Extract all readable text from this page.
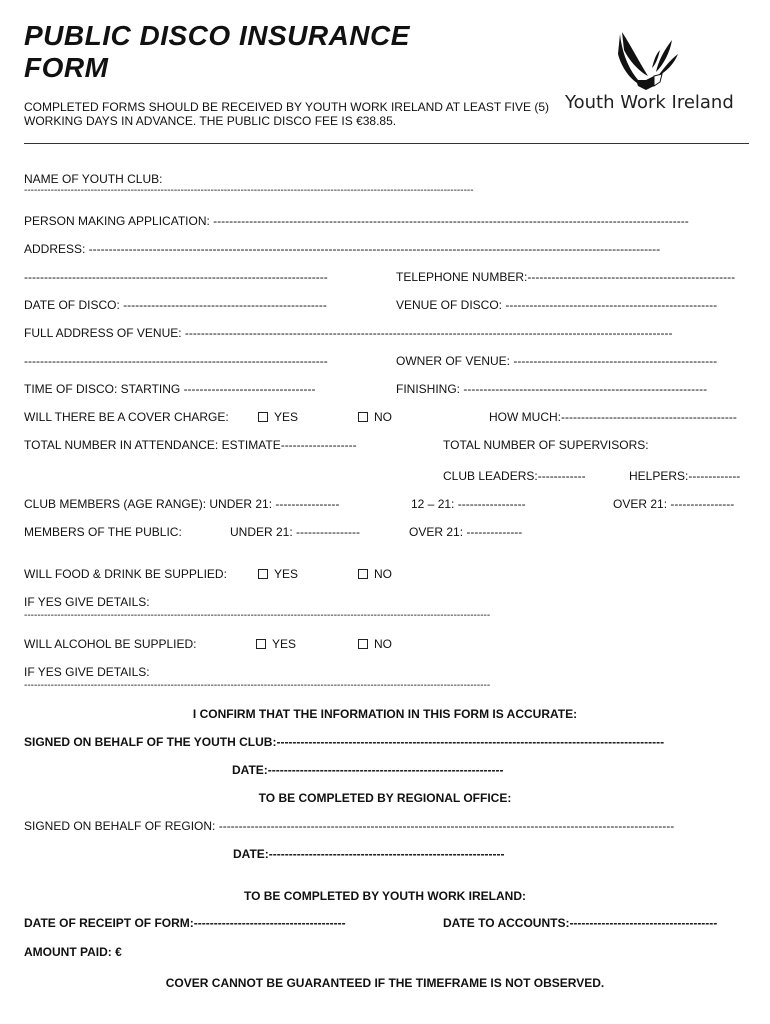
PUBLIC DISCO INSURANCE FORM
COMPLETED FORMS SHOULD BE RECEIVED BY YOUTH WORK IRELAND AT LEAST FIVE (5) WORKING DAYS IN ADVANCE. THE PUBLIC DISCO FEE IS €38.85.
Youth Work Ireland
NAME OF YOUTH CLUB:
---------------------------------------------------------------------------------------------------------------------------------------
PERSON MAKING APPLICATION: -----------------------------------------------------------------------------------------------------------------------
ADDRESS: -----------------------------------------------------------------------------------------------------------------------------------------------
----------------------------------------------------------------------------	TELEPHONE NUMBER:----------------------------------------------------
DATE OF DISCO: ---------------------------------------------------	VENUE OF DISCO: -----------------------------------------------------
FULL ADDRESS OF VENUE: --------------------------------------------------------------------------------------------------------------------------
----------------------------------------------------------------------------	OWNER OF VENUE: ---------------------------------------------------
TIME OF DISCO: STARTING ---------------------------------	FINISHING: -------------------------------------------------------------
WILL THERE BE A COVER CHARGE:	YES	NO	HOW MUCH:--------------------------------------------
TOTAL NUMBER IN ATTENDANCE: ESTIMATE-------------------	TOTAL NUMBER OF SUPERVISORS:
CLUB LEADERS:------------	HELPERS:-------------
CLUB MEMBERS (AGE RANGE): UNDER 21: ----------------	12 – 21: -----------------	OVER 21: ----------------
MEMBERS OF THE PUBLIC:	UNDER 21: ----------------	OVER 21: --------------
WILL FOOD & DRINK BE SUPPLIED:	YES	NO
IF YES GIVE DETAILS:
--------------------------------------------------------------------------------------------------------------------------------------------
WILL ALCOHOL BE SUPPLIED:	YES	NO
IF YES GIVE DETAILS:
--------------------------------------------------------------------------------------------------------------------------------------------
I CONFIRM THAT THE INFORMATION IN THIS FORM IS ACCURATE:
SIGNED ON BEHALF OF THE YOUTH CLUB:-------------------------------------------------------------------------------------------------
DATE:-----------------------------------------------------------
TO BE COMPLETED BY REGIONAL OFFICE:
SIGNED ON BEHALF OF REGION: ------------------------------------------------------------------------------------------------------------------
DATE:-----------------------------------------------------------
TO BE COMPLETED BY YOUTH WORK IRELAND:
DATE OF RECEIPT OF FORM:--------------------------------------	DATE TO ACCOUNTS:-------------------------------------
AMOUNT PAID: €
COVER CANNOT BE GUARANTEED IF THE TIMEFRAME IS NOT OBSERVED.
